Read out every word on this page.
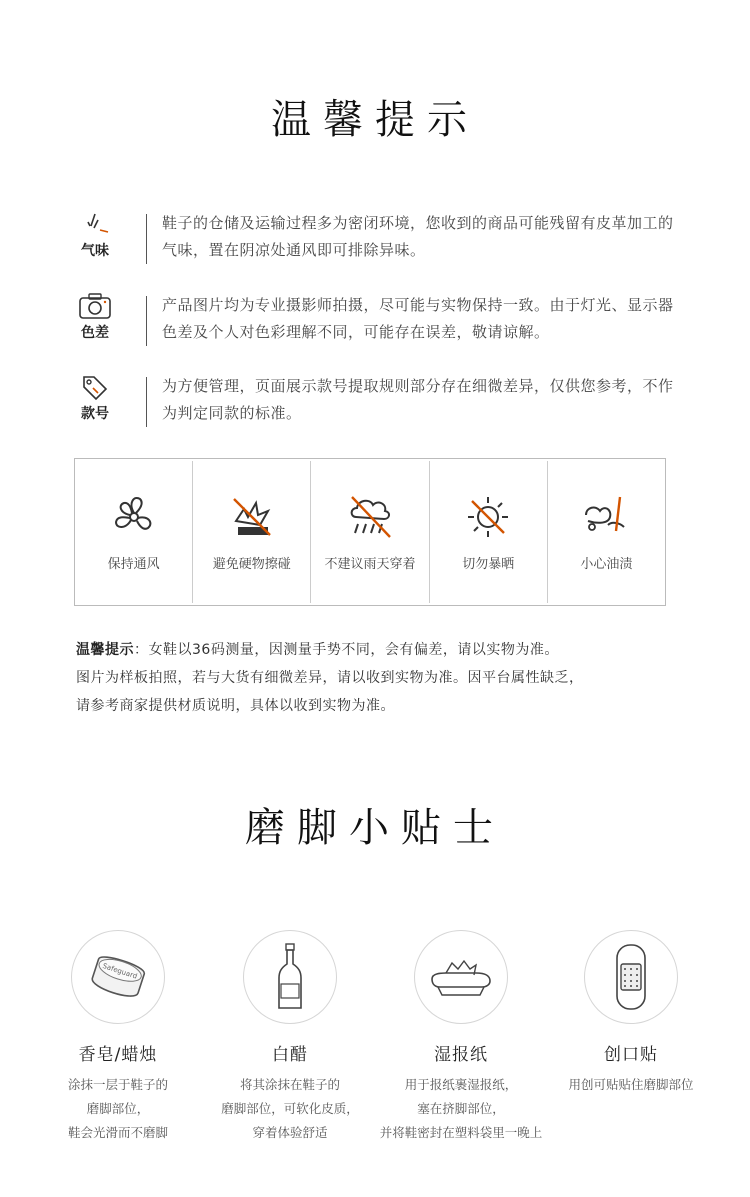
温馨提示
气味
鞋子的仓储及运输过程多为密闭环境，您收到的商品可能残留有皮革加工的气味，置在阴凉处通风即可排除异味。
色差
产品图片均为专业摄影师拍摄，尽可能与实物保持一致。由于灯光、显示器色差及个人对色彩理解不同，可能存在误差，敬请谅解。
款号
为方便管理，页面展示款号提取规则部分存在细微差异，仅供您参考，不作为判定同款的标准。
保持通风	避免硬物擦碰	不建议雨天穿着	切勿暴晒	小心油渍
温馨提示：女鞋以36码测量，因测量手势不同，会有偏差，请以实物为准。
图片为样板拍照，若与大货有细微差异，请以收到实物为准。因平台属性缺乏，
请参考商家提供材质说明，具体以收到实物为准。
磨脚小贴士
Safeguard
香皂/蜡烛
涂抹一层于鞋子的
磨脚部位，
鞋会光滑而不磨脚
白醋
将其涂抹在鞋子的
磨脚部位，可软化皮质，
穿着体验舒适
湿报纸
用于报纸裹湿报纸，
塞在挤脚部位，
并将鞋密封在塑料袋里一晚上
创口贴
用创可贴贴住磨脚部位
